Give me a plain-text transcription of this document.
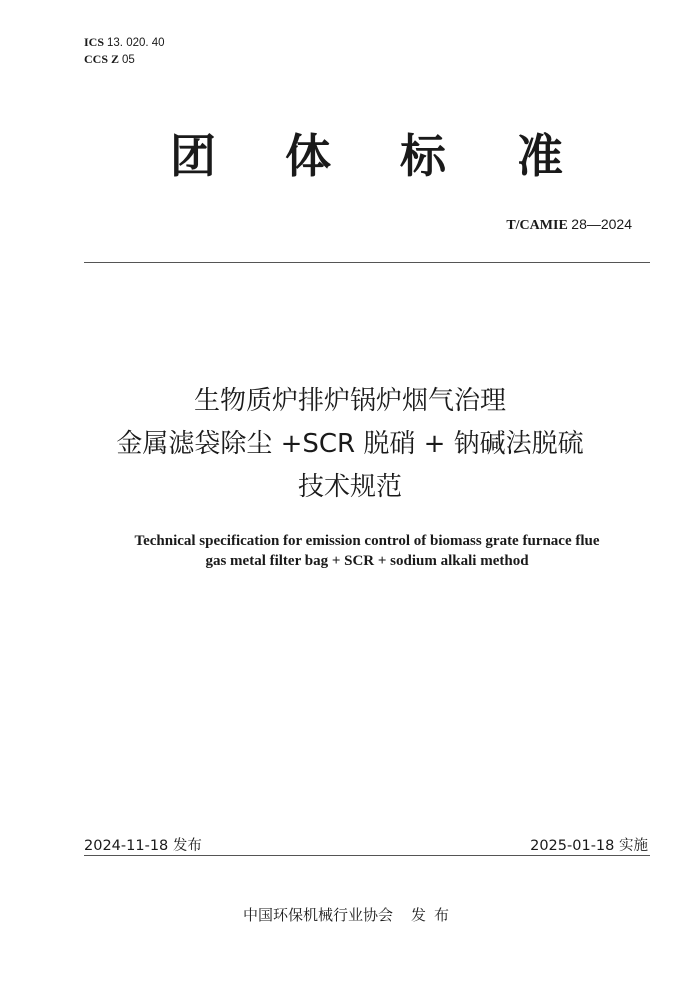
ICS 13. 020. 40
CCS Z 05
团 体 标 准
T/CAMIE 28—2024
生物质炉排炉锅炉烟气治理
金属滤袋除尘 +SCR 脱硝 + 钠碱法脱硫
技术规范
Technical specification for emission control of biomass grate furnace flue
gas metal filter bag + SCR + sodium alkali method
2024-11-18 发布	2025-01-18 实施
中国环保机械行业协会 发布
